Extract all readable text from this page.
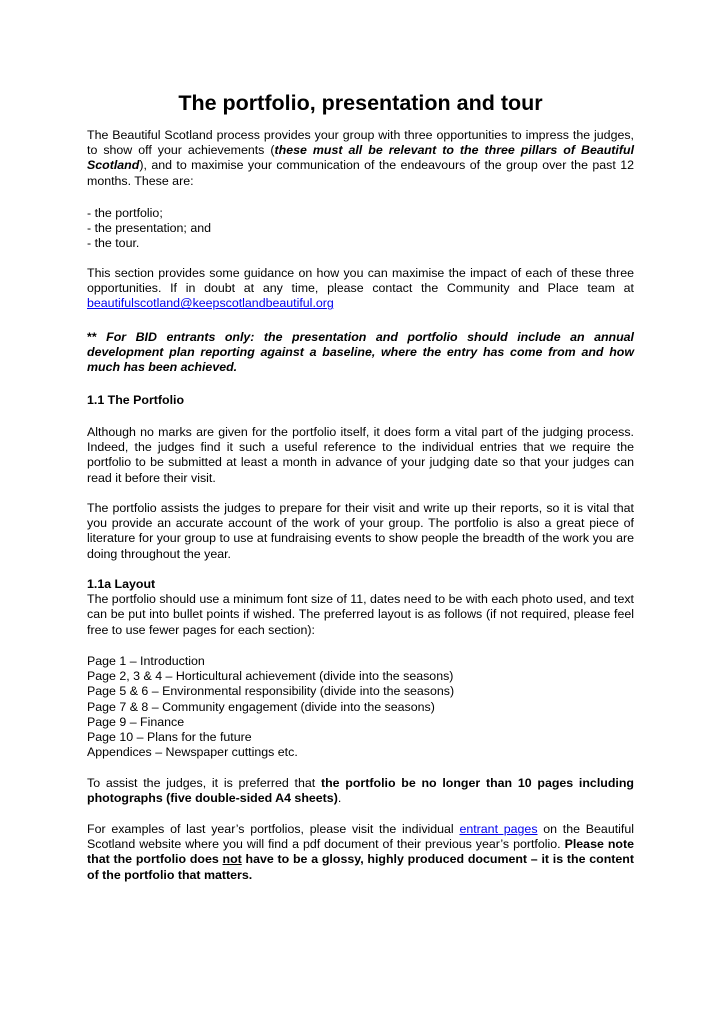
The portfolio, presentation and tour

The Beautiful Scotland process provides your group with three opportunities to impress the judges, to show off your achievements (these must all be relevant to the three pillars of Beautiful Scotland), and to maximise your communication of the endeavours of the group over the past 12 months. These are:

- the portfolio;
- the presentation; and
- the tour.

This section provides some guidance on how you can maximise the impact of each of these three opportunities. If in doubt at any time, please contact the Community and Place team at beautifulscotland@keepscotlandbeautiful.org

** For BID entrants only: the presentation and portfolio should include an annual development plan reporting against a baseline, where the entry has come from and how much has been achieved.

1.1 The Portfolio

Although no marks are given for the portfolio itself, it does form a vital part of the judging process. Indeed, the judges find it such a useful reference to the individual entries that we require the portfolio to be submitted at least a month in advance of your judging date so that your judges can read it before their visit.

The portfolio assists the judges to prepare for their visit and write up their reports, so it is vital that you provide an accurate account of the work of your group. The portfolio is also a great piece of literature for your group to use at fundraising events to show people the breadth of the work you are doing throughout the year.

1.1a Layout
The portfolio should use a minimum font size of 11, dates need to be with each photo used, and text can be put into bullet points if wished. The preferred layout is as follows (if not required, please feel free to use fewer pages for each section):
Page 1 – Introduction
Page 2, 3 & 4 – Horticultural achievement (divide into the seasons)
Page 5 & 6 – Environmental responsibility (divide into the seasons)
Page 7 & 8 – Community engagement (divide into the seasons)
Page 9 – Finance
Page 10 – Plans for the future
Appendices – Newspaper cuttings etc.

To assist the judges, it is preferred that the portfolio be no longer than 10 pages including photographs (five double-sided A4 sheets).

For examples of last year’s portfolios, please visit the individual entrant pages on the Beautiful Scotland website where you will find a pdf document of their previous year’s portfolio. Please note that the portfolio does not have to be a glossy, highly produced document – it is the content of the portfolio that matters.
